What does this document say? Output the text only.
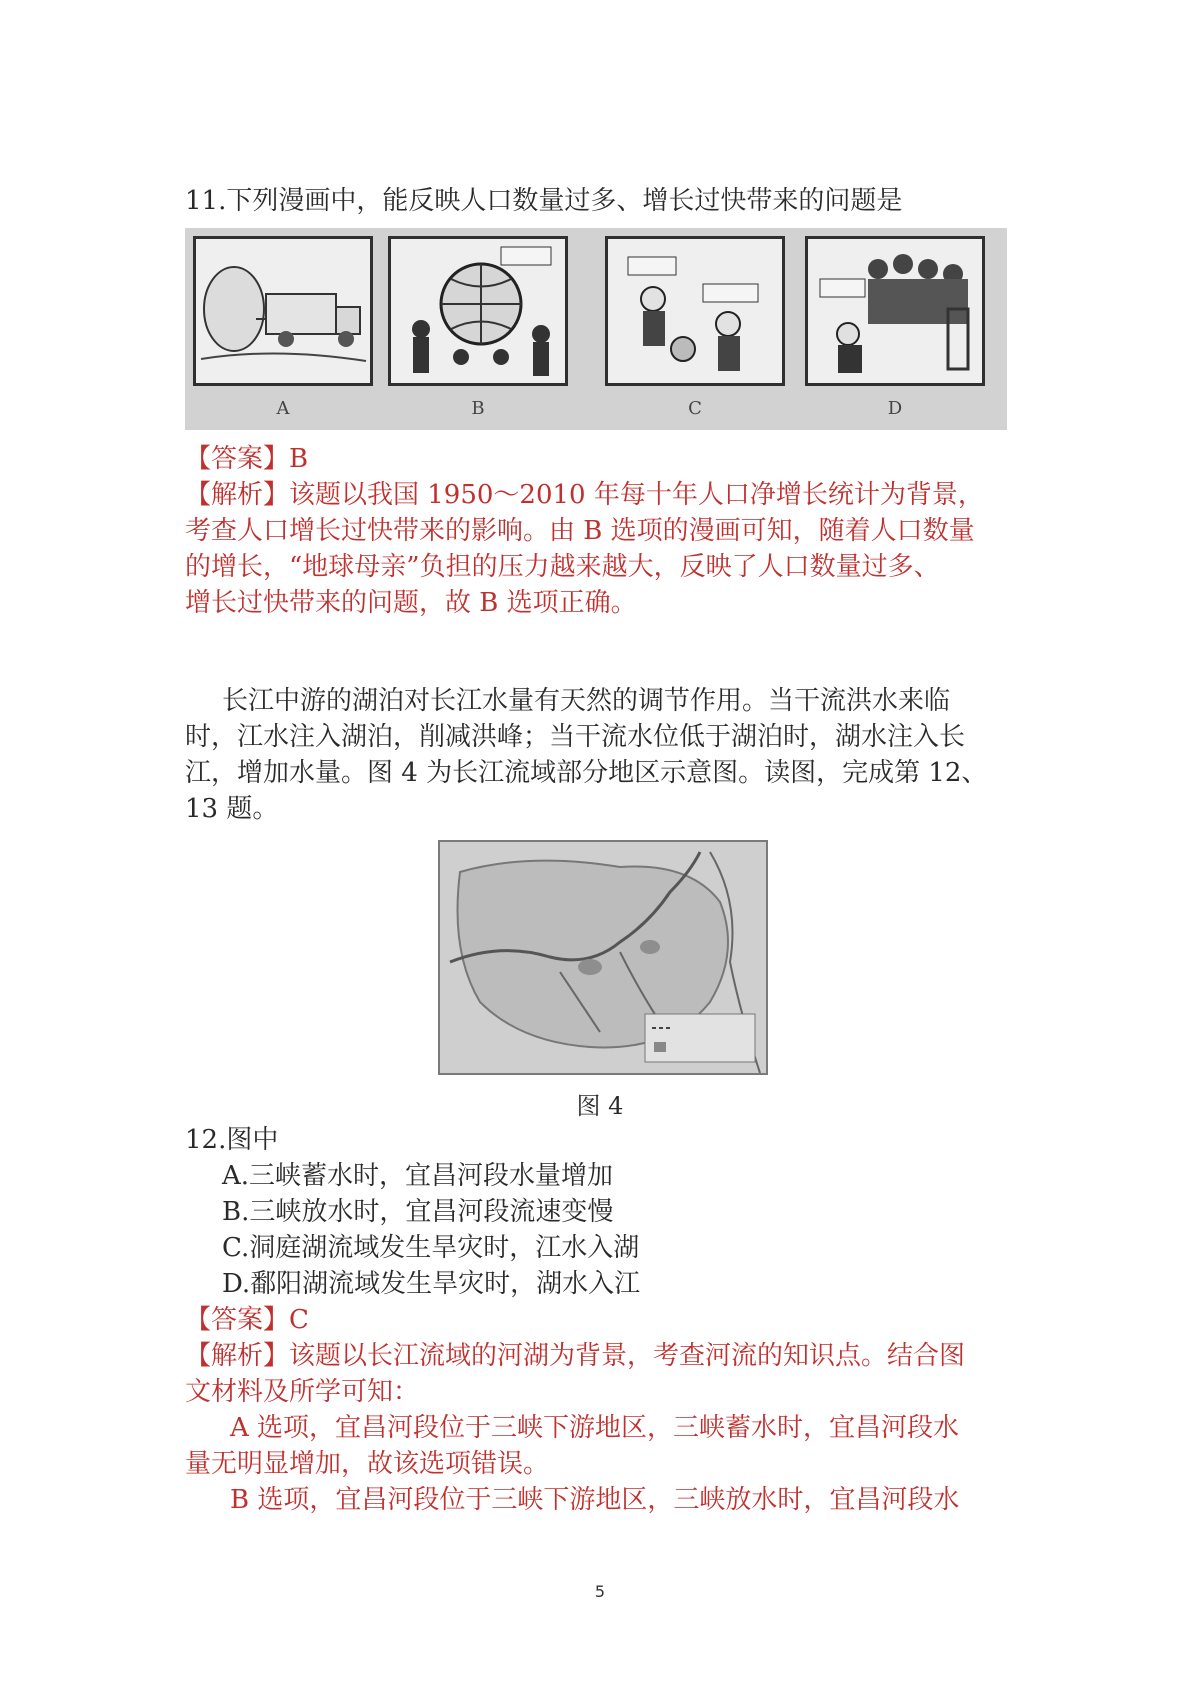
11.下列漫画中，能反映人口数量过多、增长过快带来的问题是
A	B	C	D
【答案】B
【解析】该题以我国 1950～2010 年每十年人口净增长统计为背景，
考查人口增长过快带来的影响。由 B 选项的漫画可知，随着人口数量
的增长，“地球母亲”负担的压力越来越大，反映了人口数量过多、
增长过快带来的问题，故 B 选项正确。
长江中游的湖泊对长江水量有天然的调节作用。当干流洪水来临
时，江水注入湖泊，削减洪峰；当干流水位低于湖泊时，湖水注入长
江，增加水量。图 4 为长江流域部分地区示意图。读图，完成第 12、
13 题。
图 4
12.图中
A.三峡蓄水时，宜昌河段水量增加
B.三峡放水时，宜昌河段流速变慢
C.洞庭湖流域发生旱灾时，江水入湖
D.鄱阳湖流域发生旱灾时，湖水入江
【答案】C
【解析】该题以长江流域的河湖为背景，考查河流的知识点。结合图
文材料及所学可知：
A 选项，宜昌河段位于三峡下游地区，三峡蓄水时，宜昌河段水
量无明显增加，故该选项错误。
B 选项，宜昌河段位于三峡下游地区，三峡放水时，宜昌河段水
5
